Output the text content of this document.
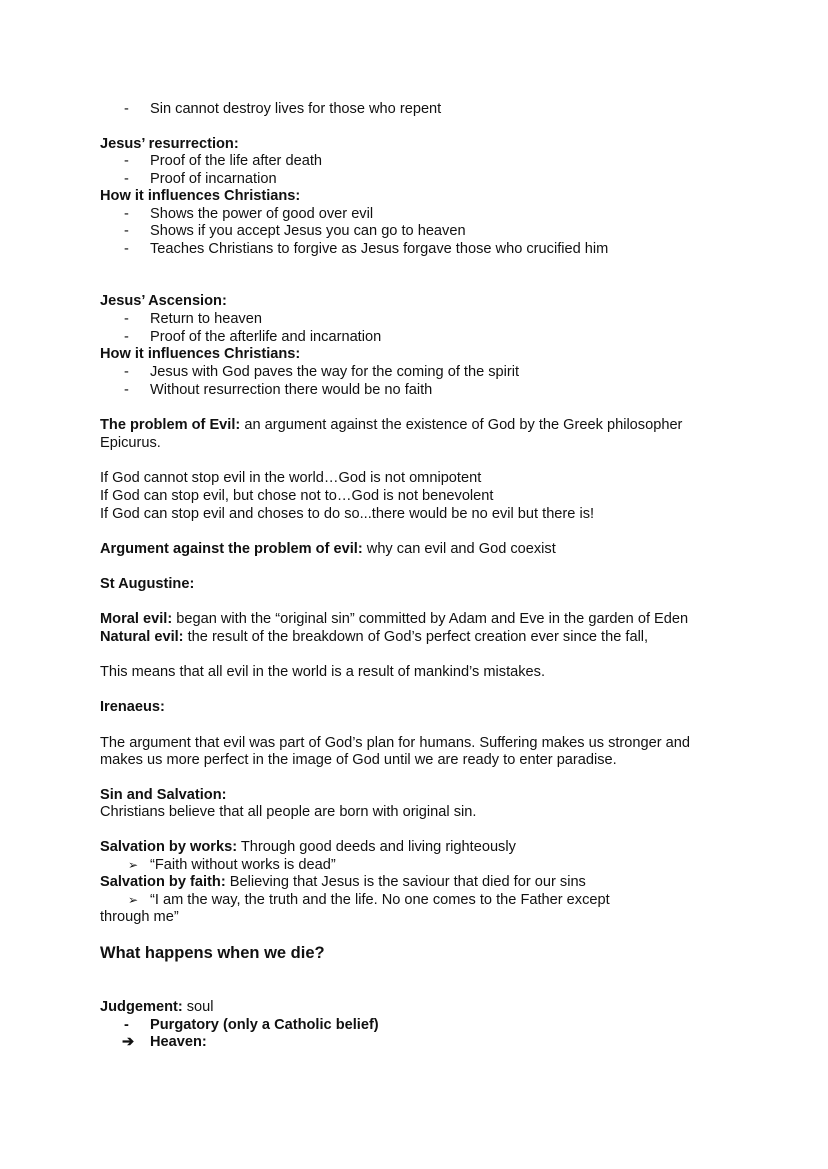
- Sin cannot destroy lives for those who repent
Jesus’ resurrection:
- Proof of the life after death
- Proof of incarnation
How it influences Christians:
- Shows the power of good over evil
- Shows if you accept Jesus you can go to heaven
- Teaches Christians to forgive as Jesus forgave those who crucified him
Jesus’ Ascension:
- Return to heaven
- Proof of the afterlife and incarnation
How it influences Christians:
- Jesus with God paves the way for the coming of the spirit
- Without resurrection there would be no faith
The problem of Evil: an argument against the existence of God by the Greek philosopher
Epicurus.
If God cannot stop evil in the world…God is not omnipotent
If God can stop evil, but chose not to…God is not benevolent
If God can stop evil and choses to do so...there would be no evil but there is!
Argument against the problem of evil: why can evil and God coexist
St Augustine:
Moral evil: began with the “original sin” committed by Adam and Eve in the garden of Eden
Natural evil: the result of the breakdown of God’s perfect creation ever since the fall,
This means that all evil in the world is a result of mankind’s mistakes.
Irenaeus:
The argument that evil was part of God’s plan for humans. Suffering makes us stronger and
makes us more perfect in the image of God until we are ready to enter paradise.
Sin and Salvation:
Christians believe that all people are born with original sin.
Salvation by works: Through good deeds and living righteously
➢ “Faith without works is dead”
Salvation by faith: Believing that Jesus is the saviour that died for our sins
➢ “I am the way, the truth and the life. No one comes to the Father except
through me”
What happens when we die?
Judgement: soul
- Purgatory (only a Catholic belief)
➔ Heaven:
